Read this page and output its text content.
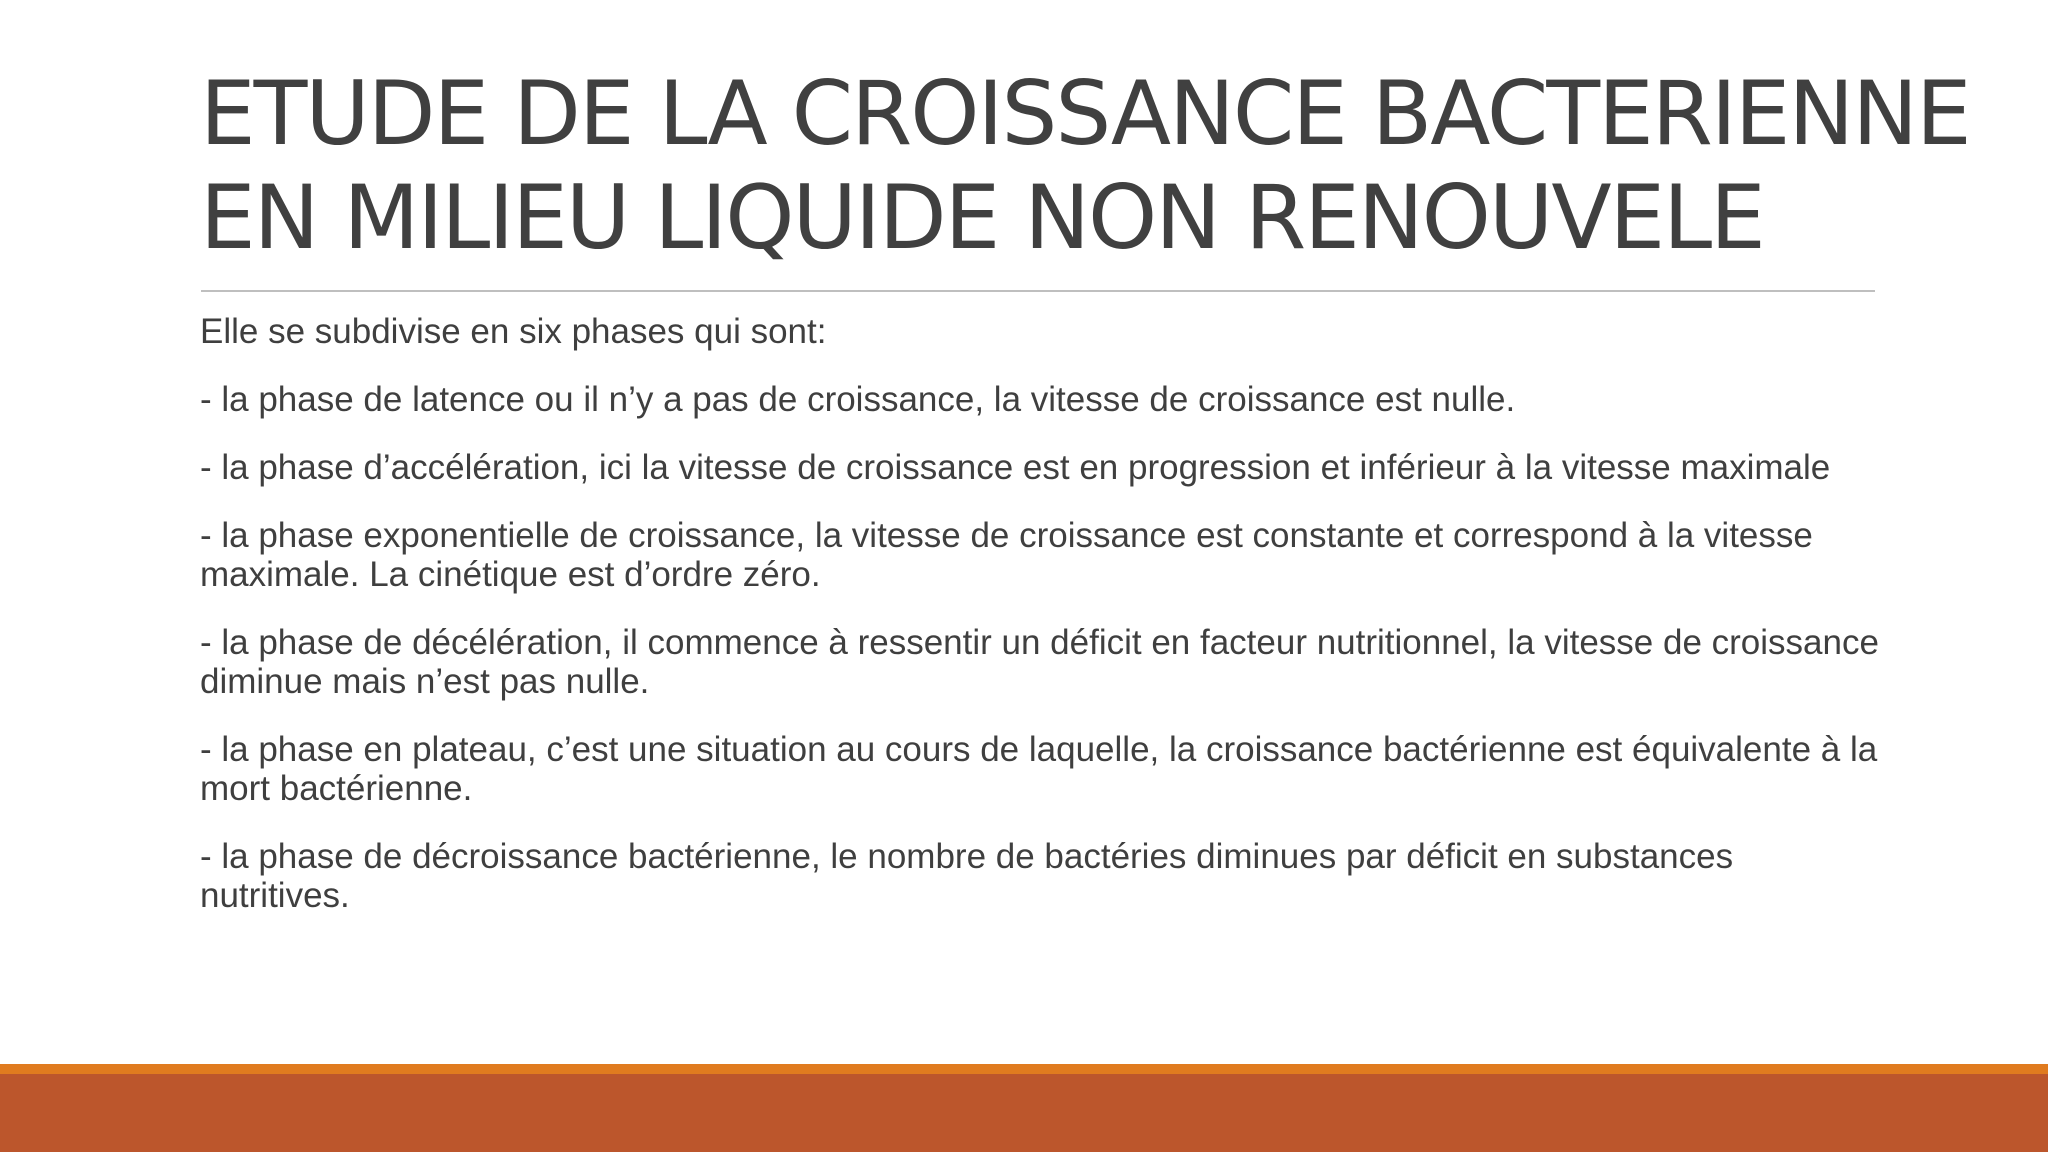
ETUDE DE LA CROISSANCE BACTERIENNE
EN MILIEU LIQUIDE NON RENOUVELE

Elle se subdivise en six phases qui sont:

- la phase de latence ou il n’y a pas de croissance, la vitesse de croissance est nulle.

- la phase d’accélération, ici la vitesse de croissance est en progression et inférieur à la vitesse maximale

- la phase exponentielle de croissance, la vitesse de croissance est constante et correspond à la vitesse maximale. La cinétique est d’ordre zéro.

- la phase de décélération, il commence à ressentir un déficit en facteur nutritionnel, la vitesse de croissance diminue mais n’est pas nulle.

- la phase en plateau, c’est une situation au cours de laquelle, la croissance bactérienne est équivalente à la mort bactérienne.

- la phase de décroissance bactérienne, le nombre de bactéries diminues par déficit en substances nutritives.
